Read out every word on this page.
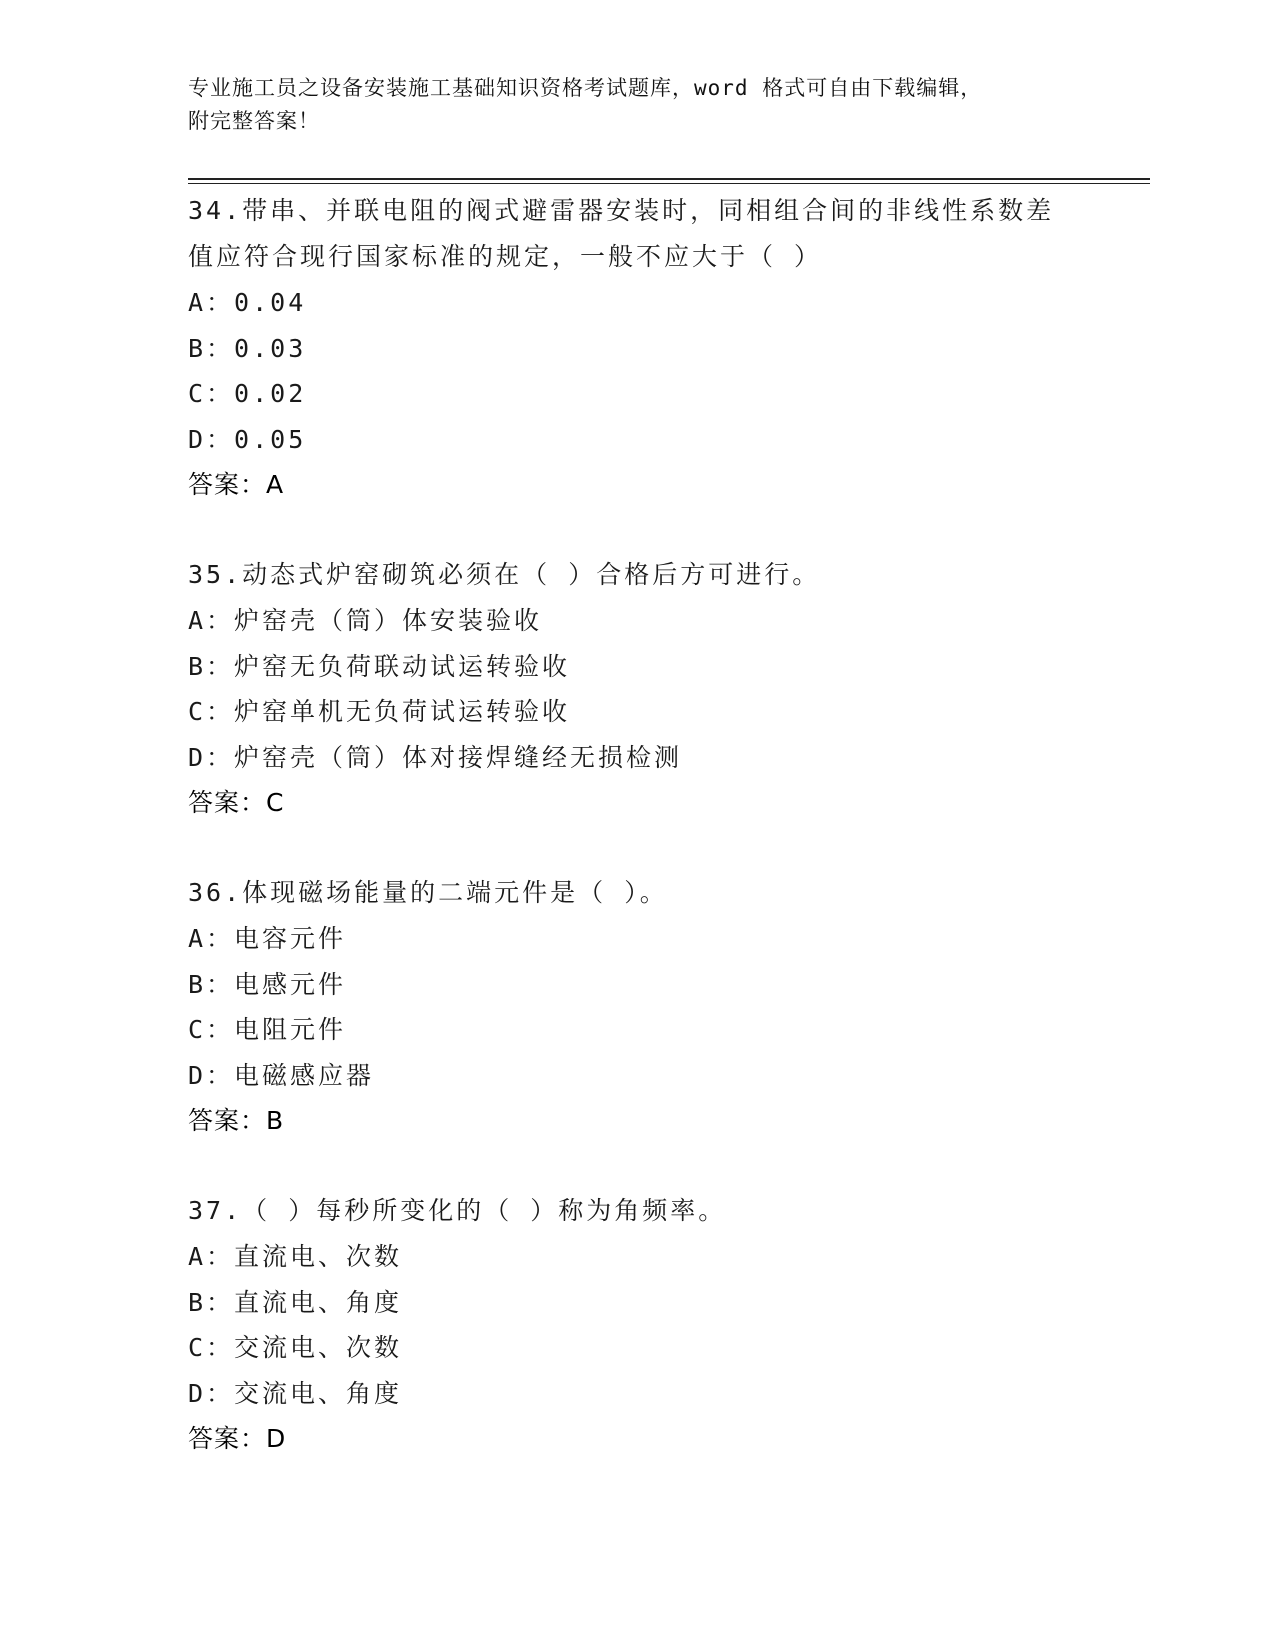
专业施工员之设备安装施工基础知识资格考试题库，word 格式可自由下载编辑，
附完整答案！
34.带串、并联电阻的阀式避雷器安装时，同相组合间的非线性系数差
值应符合现行国家标准的规定，一般不应大于（ ）
A：0.04
B：0.03
C：0.02
D：0.05
答案：A
35.动态式炉窑砌筑必须在（ ）合格后方可进行。
A：炉窑壳（筒）体安装验收
B：炉窑无负荷联动试运转验收
C：炉窑单机无负荷试运转验收
D：炉窑壳（筒）体对接焊缝经无损检测
答案：C
36.体现磁场能量的二端元件是（ ）。
A：电容元件
B：电感元件
C：电阻元件
D：电磁感应器
答案：B
37.（ ）每秒所变化的（ ）称为角频率。
A：直流电、次数
B：直流电、角度
C：交流电、次数
D：交流电、角度
答案：D
